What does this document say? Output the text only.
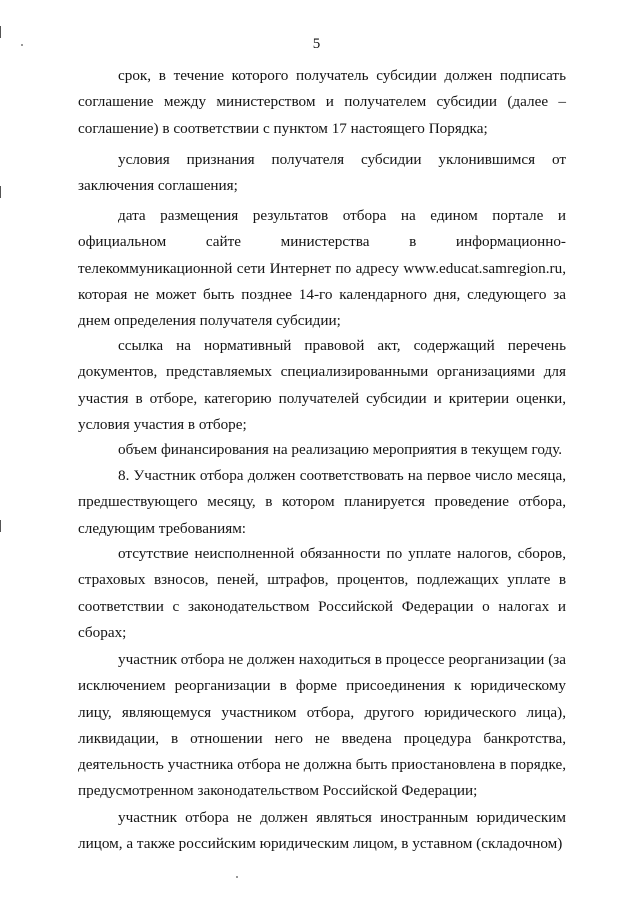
5

срок, в течение которого получатель субсидии должен подписать соглашение между министерством и получателем субсидии (далее – соглашение) в соответствии с пунктом 17 настоящего Порядка;

условия признания получателя субсидии уклонившимся от заключения соглашения;

дата размещения результатов отбора на едином портале и официальном сайте министерства в информационно-телекоммуникационной сети Интернет по адресу www.educat.samregion.ru, которая не может быть позднее 14-го календарного дня, следующего за днем определения получателя субсидии;

ссылка на нормативный правовой акт, содержащий перечень документов, представляемых специализированными организациями для участия в отборе, категорию получателей субсидии и критерии оценки, условия участия в отборе;

объем финансирования на реализацию мероприятия в текущем году.

8. Участник отбора должен соответствовать на первое число месяца, предшествующего месяцу, в котором планируется проведение отбора, следующим требованиям:

отсутствие неисполненной обязанности по уплате налогов, сборов, страховых взносов, пеней, штрафов, процентов, подлежащих уплате в соответствии с законодательством Российской Федерации о налогах и сборах;

участник отбора не должен находиться в процессе реорганизации (за исключением реорганизации в форме присоединения к юридическому лицу, являющемуся участником отбора, другого юридического лица), ликвидации, в отношении него не введена процедура банкротства, деятельность участника отбора не должна быть приостановлена в порядке, предусмотренном законодательством Российской Федерации;

участник отбора не должен являться иностранным юридическим лицом, а также российским юридическим лицом, в уставном (складочном)
